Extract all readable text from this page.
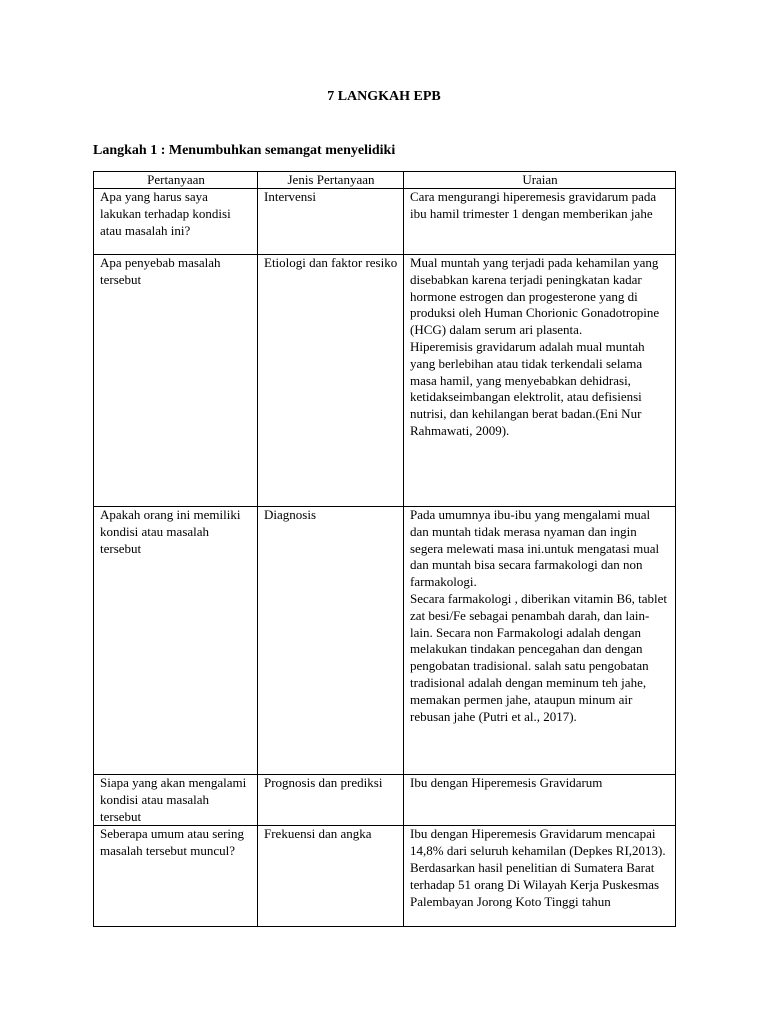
7 LANGKAH EPB
Langkah 1 : Menumbuhkan semangat menyelidiki
Pertanyaan	Jenis Pertanyaan	Uraian
Apa yang harus saya lakukan terhadap kondisi atau masalah ini?	Intervensi	Cara mengurangi hiperemesis gravidarum pada ibu hamil trimester 1 dengan memberikan jahe

Apa penyebab masalah tersebut	Etiologi dan faktor resiko	Mual muntah yang terjadi pada kehamilan yang disebabkan karena terjadi peningkatan kadar hormone estrogen dan progesterone yang di produksi oleh Human Chorionic Gonadotropine (HCG) dalam serum ari plasenta.

Hiperemisis gravidarum adalah mual muntah yang berlebihan atau tidak terkendali selama masa hamil, yang menyebabkan dehidrasi, ketidakseimbangan elektrolit, atau defisiensi nutrisi, dan kehilangan berat badan.(Eni Nur Rahmawati, 2009).

Apakah orang ini memiliki kondisi atau masalah tersebut	Diagnosis	Pada umumnya ibu-ibu yang mengalami mual dan muntah tidak merasa nyaman dan ingin segera melewati masa ini.untuk mengatasi mual dan muntah bisa secara farmakologi dan non farmakologi.

Secara farmakologi , diberikan vitamin B6, tablet zat besi/Fe sebagai penambah darah, dan lain-lain. Secara non Farmakologi adalah dengan melakukan tindakan pencegahan dan dengan pengobatan tradisional. salah satu pengobatan tradisional adalah dengan meminum teh jahe, memakan permen jahe, ataupun minum air rebusan jahe (Putri et al., 2017).

Siapa yang akan mengalami kondisi atau masalah tersebut	Prognosis dan prediksi	Ibu dengan Hiperemesis Gravidarum

Seberapa umum atau sering masalah tersebut muncul?	Frekuensi dan angka	Ibu dengan Hiperemesis Gravidarum mencapai 14,8% dari seluruh kehamilan (Depkes RI,2013). Berdasarkan hasil penelitian di Sumatera Barat terhadap 51 orang Di Wilayah Kerja Puskesmas Palembayan Jorong Koto Tinggi tahun
